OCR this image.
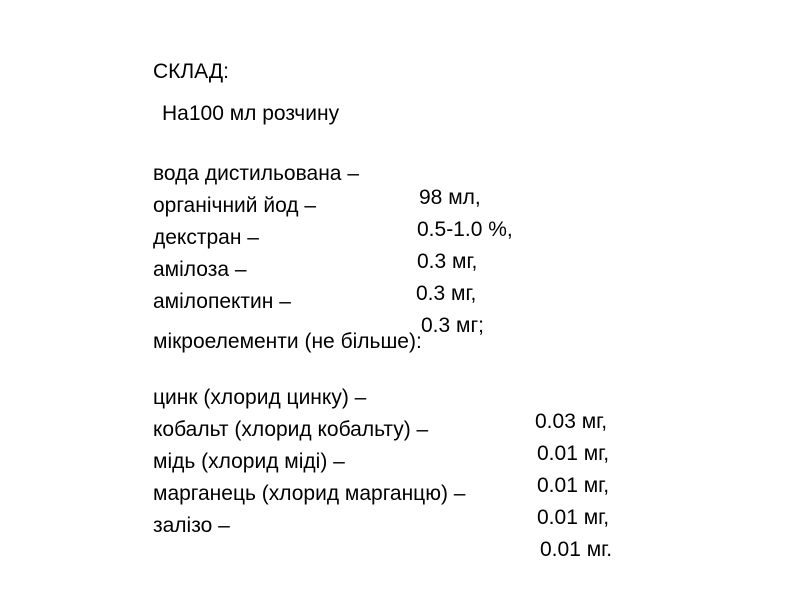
СКЛАД:
На100 мл розчину

вода дистильована –

98 мл,

органічний йод –

0.5-1.0 %,

декстран –

0.3 мг,

амілоза –

0.3 мг,

амілопектин –

0.3 мг;

мікроелементи (не більше):

цинк (хлорид цинку) –

0.03 мг,

кобальт (хлорид кобальту) –

0.01 мг,

мідь (хлорид міді) –

0.01 мг,

марганець (хлорид марганцю) –

0.01 мг,

залізо –

0.01 мг.
